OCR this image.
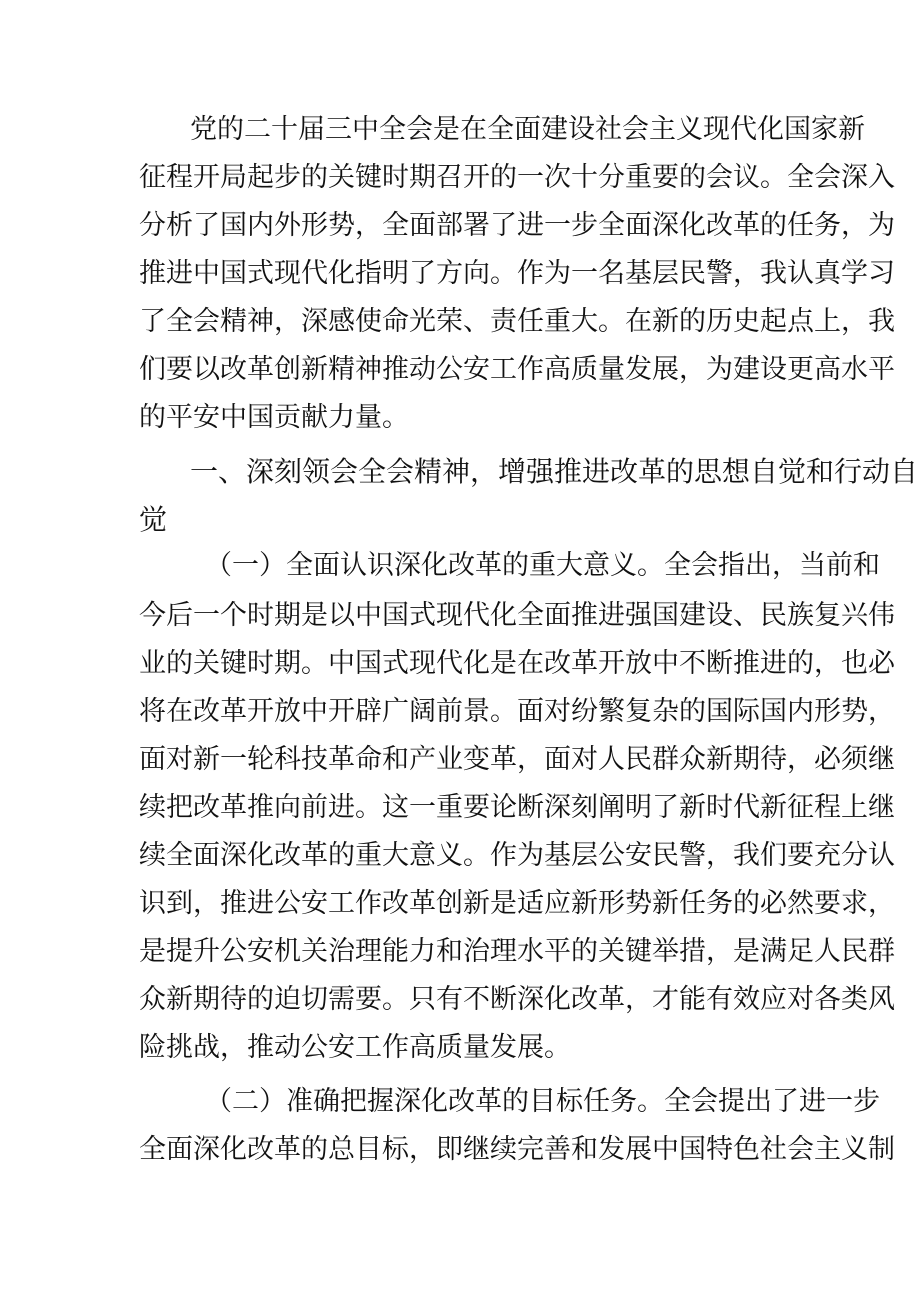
党的二十届三中全会是在全面建设社会主义现代化国家新
征程开局起步的关键时期召开的一次十分重要的会议。全会深入
分析了国内外形势，全面部署了进一步全面深化改革的任务，为
推进中国式现代化指明了方向。作为一名基层民警，我认真学习
了全会精神，深感使命光荣、责任重大。在新的历史起点上，我
们要以改革创新精神推动公安工作高质量发展，为建设更高水平
的平安中国贡献力量。
一、深刻领会全会精神，增强推进改革的思想自觉和行动自
觉
（一）全面认识深化改革的重大意义。全会指出，当前和
今后一个时期是以中国式现代化全面推进强国建设、民族复兴伟
业的关键时期。中国式现代化是在改革开放中不断推进的，也必
将在改革开放中开辟广阔前景。面对纷繁复杂的国际国内形势，
面对新一轮科技革命和产业变革，面对人民群众新期待，必须继
续把改革推向前进。这一重要论断深刻阐明了新时代新征程上继
续全面深化改革的重大意义。作为基层公安民警，我们要充分认
识到，推进公安工作改革创新是适应新形势新任务的必然要求，
是提升公安机关治理能力和治理水平的关键举措，是满足人民群
众新期待的迫切需要。只有不断深化改革，才能有效应对各类风
险挑战，推动公安工作高质量发展。
（二）准确把握深化改革的目标任务。全会提出了进一步
全面深化改革的总目标，即继续完善和发展中国特色社会主义制
